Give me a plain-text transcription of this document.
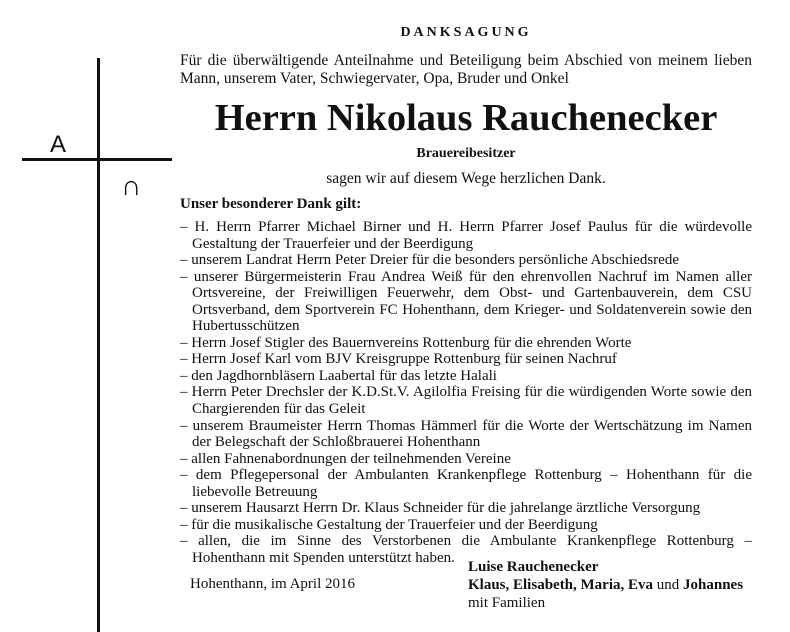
A
∩
DANKSAGUNG
Für die überwältigende Anteilnahme und Beteiligung beim Abschied von meinem lieben Mann, unserem Vater, Schwiegervater, Opa, Bruder und Onkel
Herrn Nikolaus Rauchenecker
Brauereibesitzer
sagen wir auf diesem Wege herzlichen Dank.
Unser besonderer Dank gilt:
– H. Herrn Pfarrer Michael Birner und H. Herrn Pfarrer Josef Paulus für die würdevolle Gestaltung der Trauerfeier und der Beerdigung
– unserem Landrat Herrn Peter Dreier für die besonders persönliche Abschiedsrede
– unserer Bürgermeisterin Frau Andrea Weiß für den ehrenvollen Nachruf im Namen aller Ortsvereine, der Freiwilligen Feuerwehr, dem Obst- und Gartenbauverein, dem CSU Ortsverband, dem Sportverein FC Hohenthann, dem Krieger- und Soldatenverein sowie den Hubertusschützen
– Herrn Josef Stigler des Bauernvereins Rottenburg für die ehrenden Worte
– Herrn Josef Karl vom BJV Kreisgruppe Rottenburg für seinen Nachruf
– den Jagdhornbläsern Laabertal für das letzte Halali
– Herrn Peter Drechsler der K.D.St.V. Agilolfia Freising für die würdigenden Worte sowie den Chargierenden für das Geleit
– unserem Braumeister Herrn Thomas Hämmerl für die Worte der Wertschätzung im Namen der Belegschaft der Schloßbrauerei Hohenthann
– allen Fahnenabordnungen der teilnehmenden Vereine
– dem Pflegepersonal der Ambulanten Krankenpflege Rottenburg – Hohenthann für die liebevolle Betreuung
– unserem Hausarzt Herrn Dr. Klaus Schneider für die jahrelange ärztliche Versorgung
– für die musikalische Gestaltung der Trauerfeier und der Beerdigung
– allen, die im Sinne des Verstorbenen die Ambulante Krankenpflege Rottenburg – Hohenthann mit Spenden unterstützt haben.
Hohenthann, im April 2016
Luise Rauchenecker
Klaus, Elisabeth, Maria, Eva und Johannes
mit Familien
